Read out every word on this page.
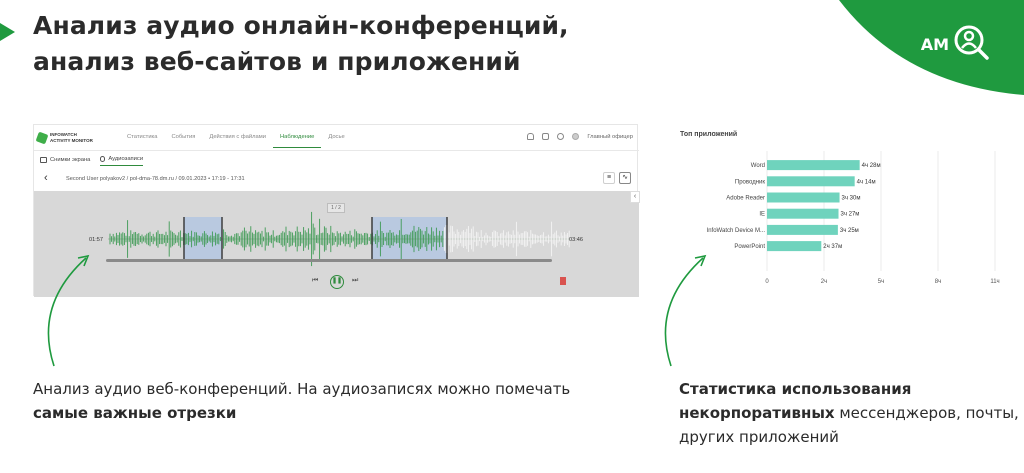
Анализ аудио онлайн-конференций,
анализ веб-сайтов и приложений
AM
INFOWATCH
ACTIVITY MONITOR	Статистика	События	Действия с файлами	Наблюдение	Досье	Главный офицер
Снимки экрана	Аудиозаписи
‹	Second User polyakov2 / pol-dma-78.dm.ru / 09.01.2023 • 17:19 - 17:31	≡	∿
1 / 2
01:57	03:46
⏮	❚❚ ⏭
‹
Топ приложений
0	2ч	5ч	8ч	11ч
Word	4ч 28м
Проводник	4ч 14м
Adobe Reader	3ч 30м
IE	3ч 27м
InfoWatch Device M...	3ч 25м
PowerPoint	2ч 37м
Анализ аудио веб-конференций. На аудиозаписях можно помечать самые важные отрезки
Статистика использования некорпоративных мессенджеров, почты, других приложений
